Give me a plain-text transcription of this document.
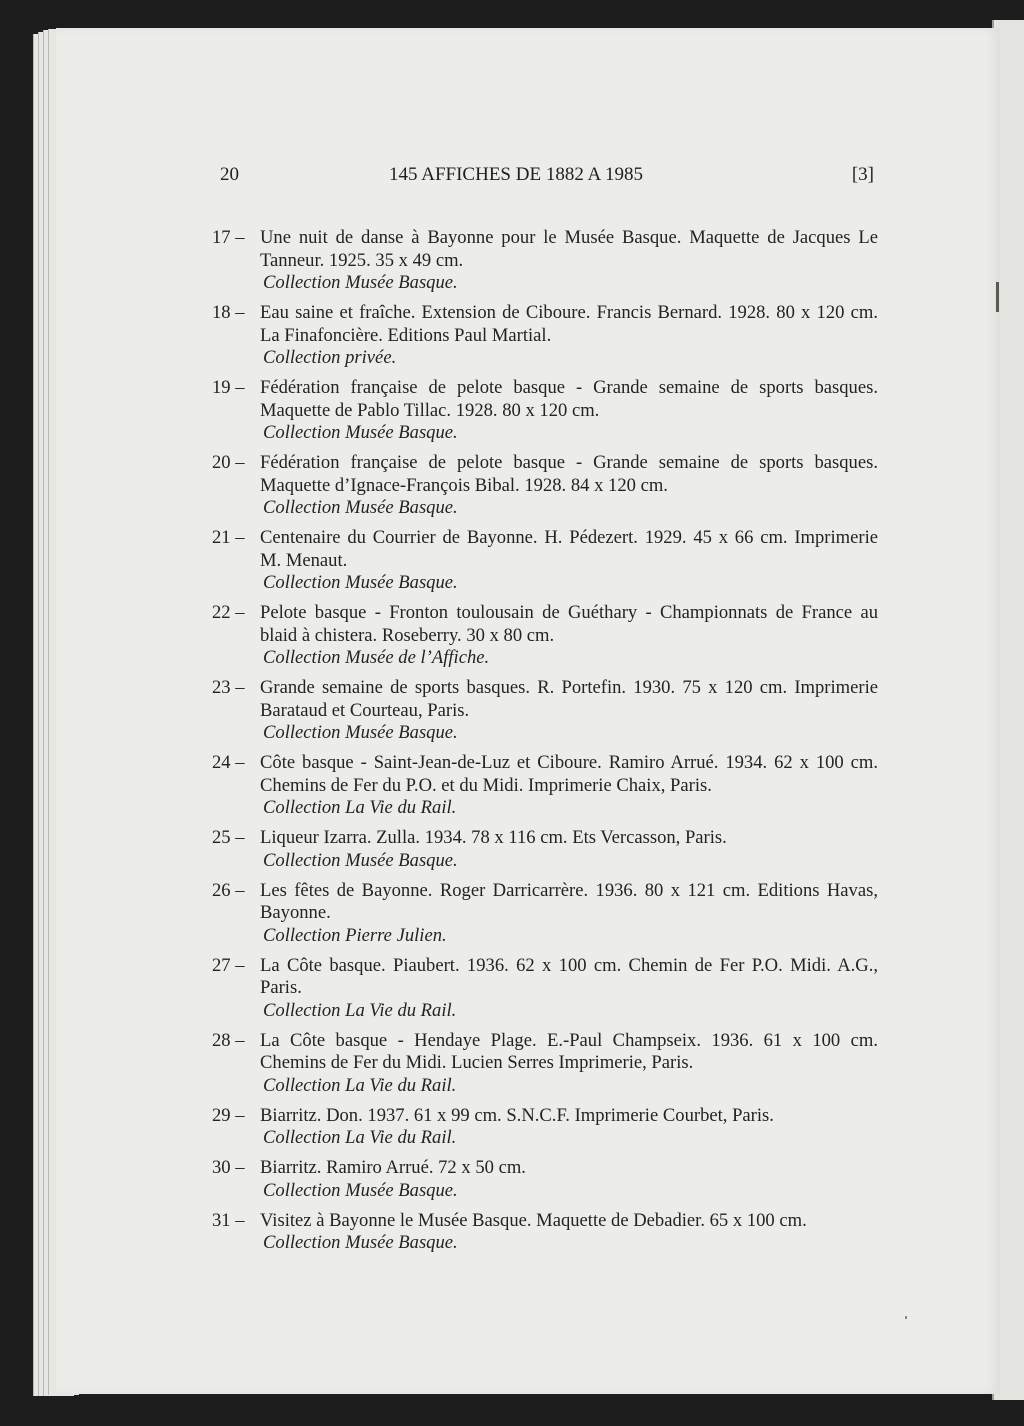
20	145 AFFICHES DE 1882 A 1985	[3]
17 – Une nuit de danse à Bayonne pour le Musée Basque. Maquette de Jacques Le Tanneur. 1925. 35 x 49 cm.
Collection Musée Basque.
18 – Eau saine et fraîche. Extension de Ciboure. Francis Bernard. 1928. 80 x 120 cm. La Finafoncière. Editions Paul Martial.
Collection privée.
19 – Fédération française de pelote basque - Grande semaine de sports basques. Maquette de Pablo Tillac. 1928. 80 x 120 cm.
Collection Musée Basque.
20 – Fédération française de pelote basque - Grande semaine de sports basques. Maquette d’Ignace-François Bibal. 1928. 84 x 120 cm.
Collection Musée Basque.
21 – Centenaire du Courrier de Bayonne. H. Pédezert. 1929. 45 x 66 cm. Imprimerie M. Menaut.
Collection Musée Basque.
22 – Pelote basque - Fronton toulousain de Guéthary - Championnats de France au blaid à chistera. Roseberry. 30 x 80 cm.
Collection Musée de l’Affiche.
23 – Grande semaine de sports basques. R. Portefin. 1930. 75 x 120 cm. Imprimerie Barataud et Courteau, Paris.
Collection Musée Basque.
24 – Côte basque - Saint-Jean-de-Luz et Ciboure. Ramiro Arrué. 1934. 62 x 100 cm. Chemins de Fer du P.O. et du Midi. Imprimerie Chaix, Paris.
Collection La Vie du Rail.
25 – Liqueur Izarra. Zulla. 1934. 78 x 116 cm. Ets Vercasson, Paris.
Collection Musée Basque.
26 – Les fêtes de Bayonne. Roger Darricarrère. 1936. 80 x 121 cm. Editions Havas, Bayonne.
Collection Pierre Julien.
27 – La Côte basque. Piaubert. 1936. 62 x 100 cm. Chemin de Fer P.O. Midi. A.G., Paris.
Collection La Vie du Rail.
28 – La Côte basque - Hendaye Plage. E.-Paul Champseix. 1936. 61 x 100 cm. Chemins de Fer du Midi. Lucien Serres Imprimerie, Paris.
Collection La Vie du Rail.
29 – Biarritz. Don. 1937. 61 x 99 cm. S.N.C.F. Imprimerie Courbet, Paris.
Collection La Vie du Rail.
30 – Biarritz. Ramiro Arrué. 72 x 50 cm.
Collection Musée Basque.
31 – Visitez à Bayonne le Musée Basque. Maquette de Debadier. 65 x 100 cm.
Collection Musée Basque.
